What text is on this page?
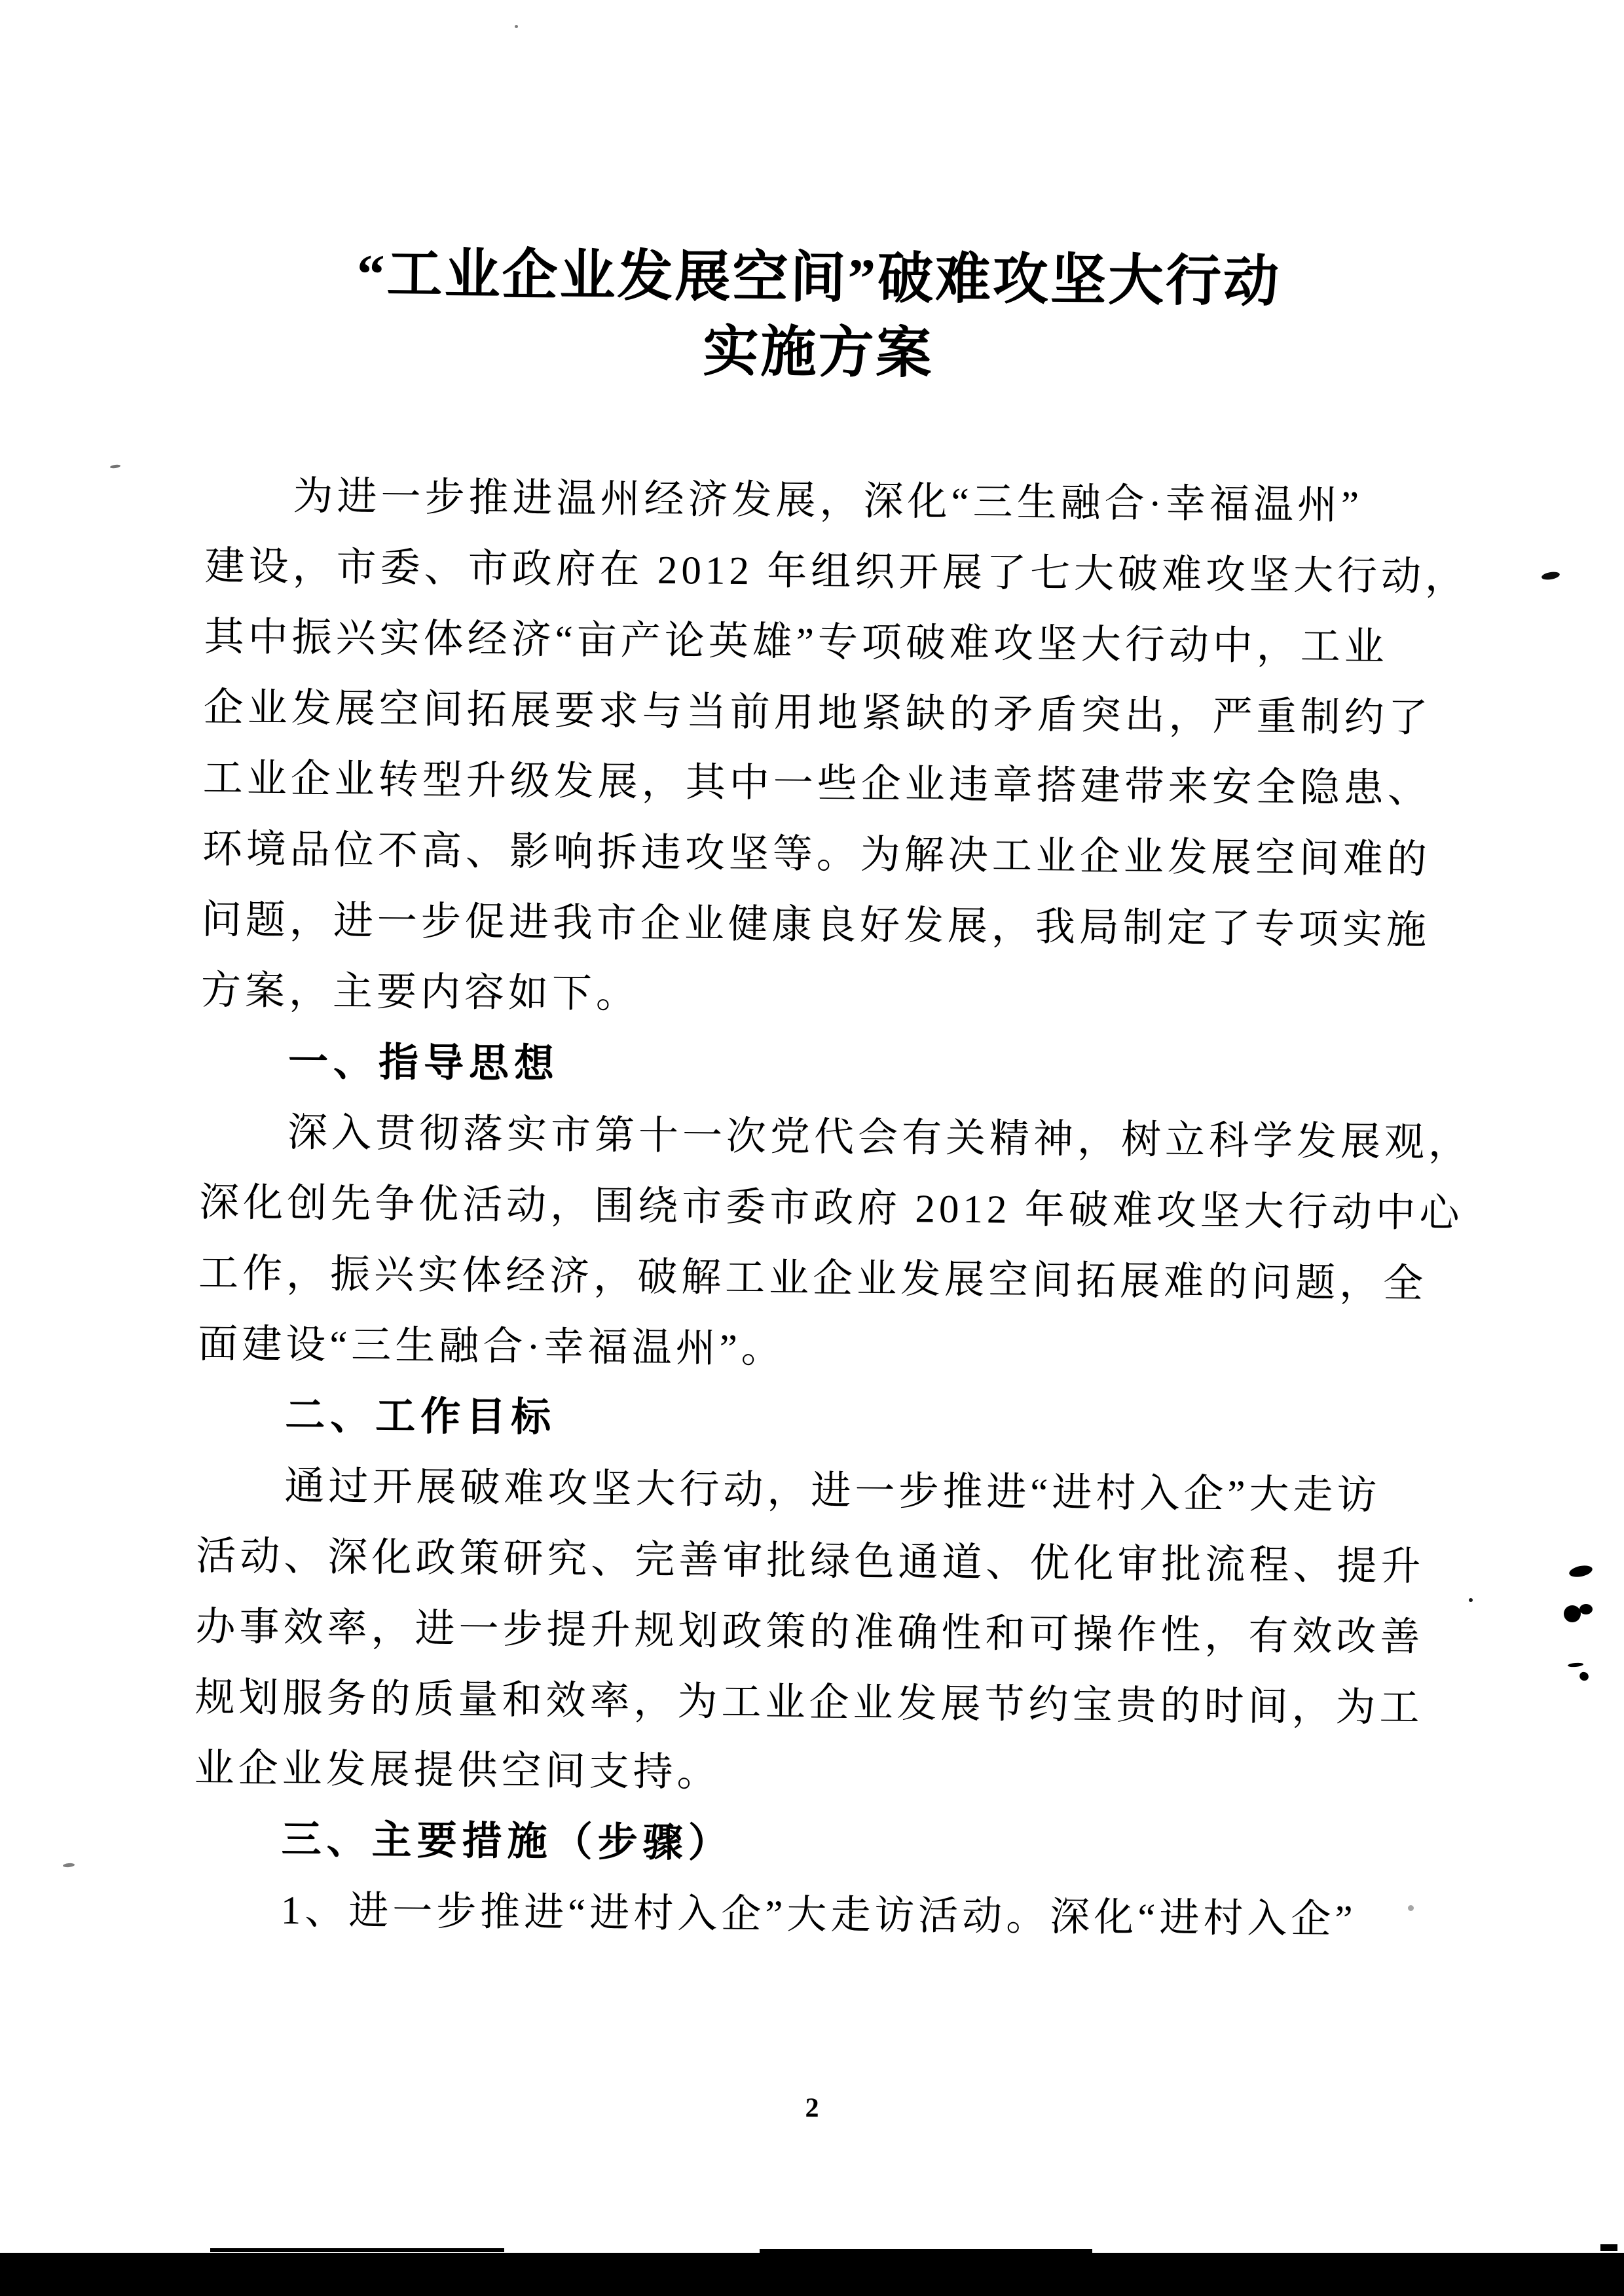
“工业企业发展空间”破难攻坚大行动
实施方案
为进一步推进温州经济发展，深化“三生融合·幸福温州”
建设，市委、市政府在 2012 年组织开展了七大破难攻坚大行动，
其中振兴实体经济“亩产论英雄”专项破难攻坚大行动中，工业
企业发展空间拓展要求与当前用地紧缺的矛盾突出，严重制约了
工业企业转型升级发展，其中一些企业违章搭建带来安全隐患、
环境品位不高、影响拆违攻坚等。为解决工业企业发展空间难的
问题，进一步促进我市企业健康良好发展，我局制定了专项实施
方案，主要内容如下。
一、指导思想
深入贯彻落实市第十一次党代会有关精神，树立科学发展观，
深化创先争优活动，围绕市委市政府 2012 年破难攻坚大行动中心
工作，振兴实体经济，破解工业企业发展空间拓展难的问题，全
面建设“三生融合·幸福温州”。
二、工作目标
通过开展破难攻坚大行动，进一步推进“进村入企”大走访
活动、深化政策研究、完善审批绿色通道、优化审批流程、提升
办事效率，进一步提升规划政策的准确性和可操作性，有效改善
规划服务的质量和效率，为工业企业发展节约宝贵的时间，为工
业企业发展提供空间支持。
三、主要措施（步骤）
1、进一步推进“进村入企”大走访活动。深化“进村入企”
2
